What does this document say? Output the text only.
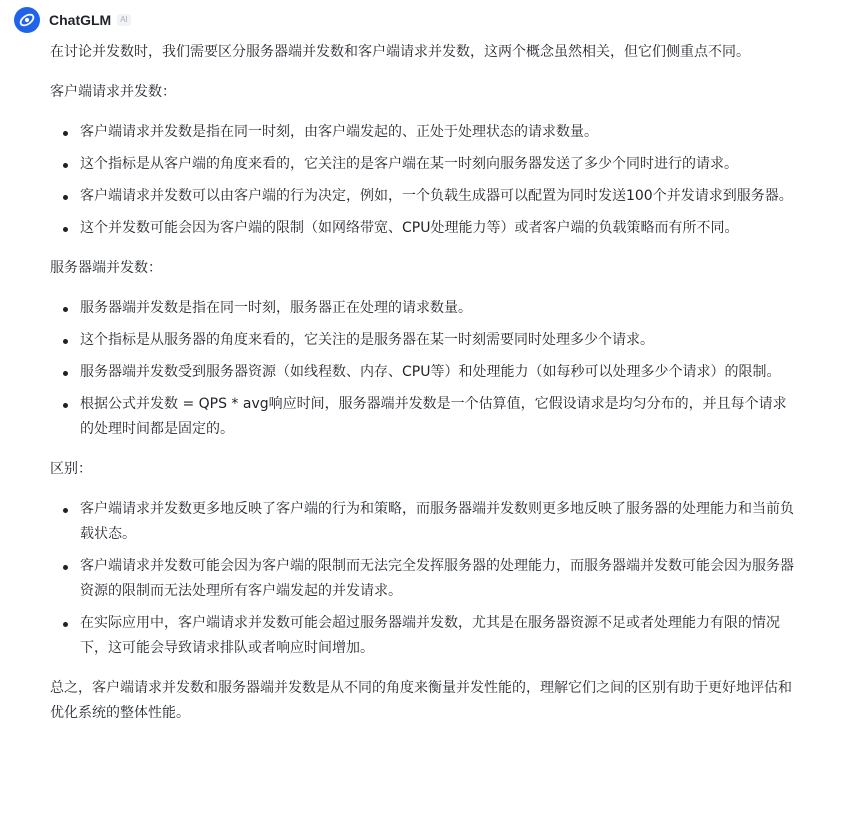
ChatGLM	AI

在讨论并发数时，我们需要区分服务器端并发数和客户端请求并发数，这两个概念虽然相关，但它们侧重点不同。

客户端请求并发数：

客户端请求并发数是指在同一时刻，由客户端发起的、正处于处理状态的请求数量。
这个指标是从客户端的角度来看的，它关注的是客户端在某一时刻向服务器发送了多少个同时进行的请求。
客户端请求并发数可以由客户端的行为决定，例如，一个负载生成器可以配置为同时发送100个并发请求到服务器。
这个并发数可能会因为客户端的限制（如网络带宽、CPU处理能力等）或者客户端的负载策略而有所不同。

服务器端并发数：

服务器端并发数是指在同一时刻，服务器正在处理的请求数量。
这个指标是从服务器的角度来看的，它关注的是服务器在某一时刻需要同时处理多少个请求。
服务器端并发数受到服务器资源（如线程数、内存、CPU等）和处理能力（如每秒可以处理多少个请求）的限制。
根据公式并发数 = QPS * avg响应时间，服务器端并发数是一个估算值，它假设请求是均匀分布的，并且每个请求的处理时间都是固定的。

区别：

客户端请求并发数更多地反映了客户端的行为和策略，而服务器端并发数则更多地反映了服务器的处理能力和当前负载状态。
客户端请求并发数可能会因为客户端的限制而无法完全发挥服务器的处理能力，而服务器端并发数可能会因为服务器资源的限制而无法处理所有客户端发起的并发请求。
在实际应用中，客户端请求并发数可能会超过服务器端并发数，尤其是在服务器资源不足或者处理能力有限的情况下，这可能会导致请求排队或者响应时间增加。

总之，客户端请求并发数和服务器端并发数是从不同的角度来衡量并发性能的，理解它们之间的区别有助于更好地评估和优化系统的整体性能。
